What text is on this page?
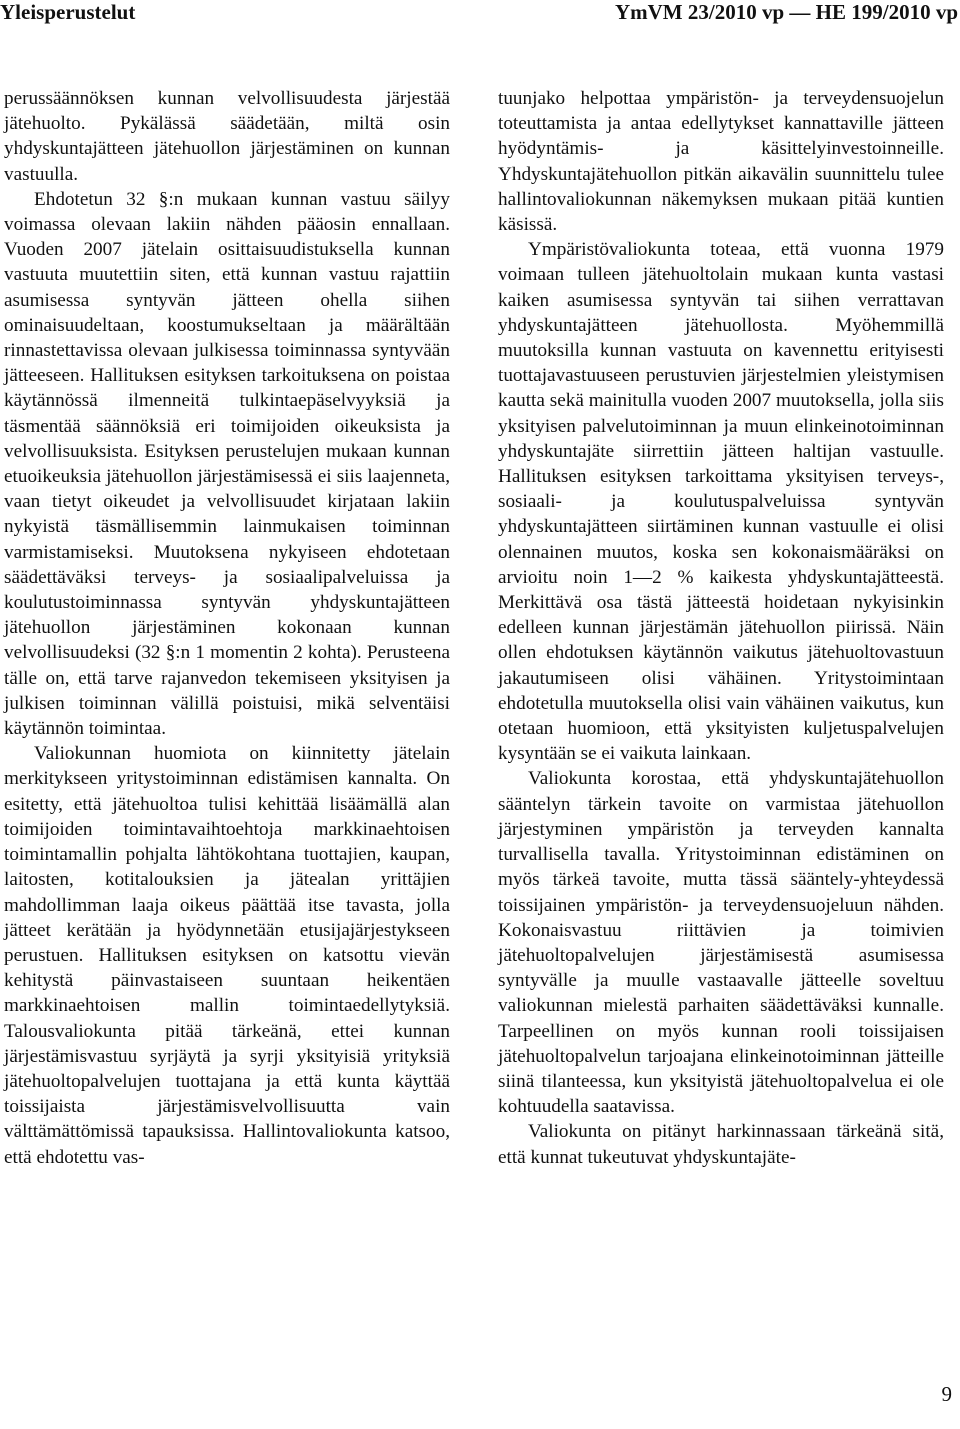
Yleisperustelut	YmVM 23/2010 vp — HE 199/2010 vp

perussäännöksen kunnan velvollisuudesta järjestää jätehuolto. Pykälässä säädetään, miltä osin yhdyskuntajätteen jätehuollon järjestäminen on kunnan vastuulla.

Ehdotetun 32 §:n mukaan kunnan vastuu säilyy voimassa olevaan lakiin nähden pääosin ennallaan. Vuoden 2007 jätelain osittaisuudistuksella kunnan vastuuta muutettiin siten, että kunnan vastuu rajattiin asumisessa syntyvän jätteen ohella siihen ominaisuudeltaan, koostumukseltaan ja määrältään rinnastettavissa olevaan julkisessa toiminnassa syntyvään jätteeseen. Hallituksen esityksen tarkoituksena on poistaa käytännössä ilmenneitä tulkintaepäselvyyksiä ja täsmentää säännöksiä eri toimijoiden oikeuksista ja velvollisuuksista. Esityksen perustelujen mukaan kunnan etuoikeuksia jätehuollon järjestämisessä ei siis laajenneta, vaan tietyt oikeudet ja velvollisuudet kirjataan lakiin nykyistä täsmällisemmin lainmukaisen toiminnan varmistamiseksi. Muutoksena nykyiseen ehdotetaan säädettäväksi terveys- ja sosiaalipalveluissa ja koulutustoiminnassa syntyvän yhdyskuntajätteen jätehuollon järjestäminen kokonaan kunnan velvollisuudeksi (32 §:n 1 momentin 2 kohta). Perusteena tälle on, että tarve rajanvedon tekemiseen yksityisen ja julkisen toiminnan välillä poistuisi, mikä selventäisi käytännön toimintaa.

Valiokunnan huomiota on kiinnitetty jätelain merkitykseen yritystoiminnan edistämisen kannalta. On esitetty, että jätehuoltoa tulisi kehittää lisäämällä alan toimijoiden toimintavaihtoehtoja markkinaehtoisen toimintamallin pohjalta lähtökohtana tuottajien, kaupan, laitosten, kotitalouksien ja jätealan yrittäjien mahdollimman laaja oikeus päättää itse tavasta, jolla jätteet kerätään ja hyödynnetään etusijajärjestykseen perustuen. Hallituksen esityksen on katsottu vievän kehitystä päinvastaiseen suuntaan heikentäen markkinaehtoisen mallin toimintaedellytyksiä. Talousvaliokunta pitää tärkeänä, ettei kunnan järjestämisvastuu syrjäytä ja syrji yksityisiä yrityksiä jätehuoltopalvelujen tuottajana ja että kunta käyttää toissijaista järjestämisvelvollisuutta vain välttämättömissä tapauksissa. Hallintovaliokunta katsoo, että ehdotettu vas-

tuunjako helpottaa ympäristön- ja terveydensuojelun toteuttamista ja antaa edellytykset kannattaville jätteen hyödyntämis- ja käsittelyinvestoinneille. Yhdyskuntajätehuollon pitkän aikavälin suunnittelu tulee hallintovaliokunnan näkemyksen mukaan pitää kuntien käsissä.

Ympäristövaliokunta toteaa, että vuonna 1979 voimaan tulleen jätehuoltolain mukaan kunta vastasi kaiken asumisessa syntyvän tai siihen verrattavan yhdyskuntajätteen jätehuollosta. Myöhemmillä muutoksilla kunnan vastuuta on kavennettu erityisesti tuottajavastuuseen perustuvien järjestelmien yleistymisen kautta sekä mainitulla vuoden 2007 muutoksella, jolla siis yksityisen palvelutoiminnan ja muun elinkeinotoiminnan yhdyskuntajäte siirrettiin jätteen haltijan vastuulle. Hallituksen esityksen tarkoittama yksityisen terveys-, sosiaali- ja koulutuspalveluissa syntyvän yhdyskuntajätteen siirtäminen kunnan vastuulle ei olisi olennainen muutos, koska sen kokonaismääräksi on arvioitu noin 1—2 % kaikesta yhdyskuntajätteestä. Merkittävä osa tästä jätteestä hoidetaan nykyisinkin edelleen kunnan järjestämän jätehuollon piirissä. Näin ollen ehdotuksen käytännön vaikutus jätehuoltovastuun jakautumiseen olisi vähäinen. Yritystoimintaan ehdotetulla muutoksella olisi vain vähäinen vaikutus, kun otetaan huomioon, että yksityisten kuljetuspalvelujen kysyntään se ei vaikuta lainkaan.

Valiokunta korostaa, että yhdyskuntajätehuollon sääntelyn tärkein tavoite on varmistaa jätehuollon järjestyminen ympäristön ja terveyden kannalta turvallisella tavalla. Yritystoiminnan edistäminen on myös tärkeä tavoite, mutta tässä sääntely-yhteydessä toissijainen ympäristön- ja terveydensuojeluun nähden. Kokonaisvastuu riittävien ja toimivien jätehuoltopalvelujen järjestämisestä asumisessa syntyvälle ja muulle vastaavalle jätteelle soveltuu valiokunnan mielestä parhaiten säädettäväksi kunnalle. Tarpeellinen on myös kunnan rooli toissijaisen jätehuoltopalvelun tarjoajana elinkeinotoiminnan jätteille siinä tilanteessa, kun yksityistä jätehuoltopalvelua ei ole kohtuudella saatavissa.

Valiokunta on pitänyt harkinnassaan tärkeänä sitä, että kunnat tukeutuvat yhdyskuntajäte-

9
